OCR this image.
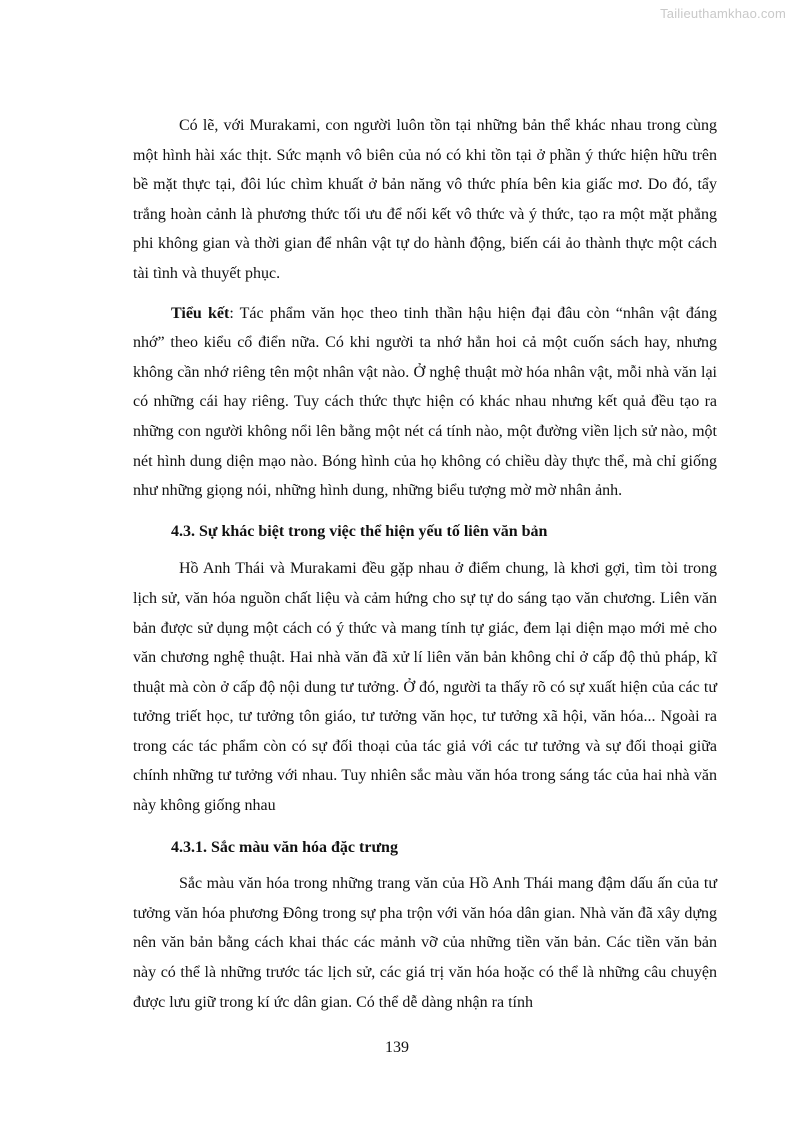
Tailieuthamkhao.com

Có lẽ, với Murakami, con người luôn tồn tại những bản thể khác nhau trong cùng một hình hài xác thịt. Sức mạnh vô biên của nó có khi tồn tại ở phần ý thức hiện hữu trên bề mặt thực tại, đôi lúc chìm khuất ở bản năng vô thức phía bên kia giấc mơ. Do đó, tẩy trắng hoàn cảnh là phương thức tối ưu để nối kết vô thức và ý thức, tạo ra một mặt phẳng phi không gian và thời gian để nhân vật tự do hành động, biến cái ảo thành thực một cách tài tình và thuyết phục.

Tiểu kết: Tác phẩm văn học theo tinh thần hậu hiện đại đâu còn “nhân vật đáng nhớ” theo kiểu cổ điển nữa. Có khi người ta nhớ hẳn hoi cả một cuốn sách hay, nhưng không cần nhớ riêng tên một nhân vật nào. Ở nghệ thuật mờ hóa nhân vật, mỗi nhà văn lại có những cái hay riêng. Tuy cách thức thực hiện có khác nhau nhưng kết quả đều tạo ra những con người không nổi lên bằng một nét cá tính nào, một đường viền lịch sử nào, một nét hình dung diện mạo nào. Bóng hình của họ không có chiều dày thực thể, mà chỉ giống như những giọng nói, những hình dung, những biểu tượng mờ mờ nhân ảnh.

4.3. Sự khác biệt trong việc thể hiện yếu tố liên văn bản

Hồ Anh Thái và Murakami đều gặp nhau ở điểm chung, là khơi gợi, tìm tòi trong lịch sử, văn hóa nguồn chất liệu và cảm hứng cho sự tự do sáng tạo văn chương. Liên văn bản được sử dụng một cách có ý thức và mang tính tự giác, đem lại diện mạo mới mẻ cho văn chương nghệ thuật. Hai nhà văn đã xử lí liên văn bản không chỉ ở cấp độ thủ pháp, kĩ thuật mà còn ở cấp độ nội dung tư tưởng. Ở đó, người ta thấy rõ có sự xuất hiện của các tư tưởng triết học, tư tưởng tôn giáo, tư tưởng văn học, tư tưởng xã hội, văn hóa... Ngoài ra trong các tác phẩm còn có sự đối thoại của tác giả với các tư tưởng và sự đối thoại giữa chính những tư tưởng với nhau. Tuy nhiên sắc màu văn hóa trong sáng tác của hai nhà văn này không giống nhau

4.3.1. Sắc màu văn hóa đặc trưng

Sắc màu văn hóa trong những trang văn của Hồ Anh Thái mang đậm dấu ấn của tư tưởng văn hóa phương Đông trong sự pha trộn với văn hóa dân gian. Nhà văn đã xây dựng nên văn bản bằng cách khai thác các mảnh vỡ của những tiền văn bản. Các tiền văn bản này có thể là những trước tác lịch sử, các giá trị văn hóa hoặc có thể là những câu chuyện được lưu giữ trong kí ức dân gian. Có thể dễ dàng nhận ra tính

139
